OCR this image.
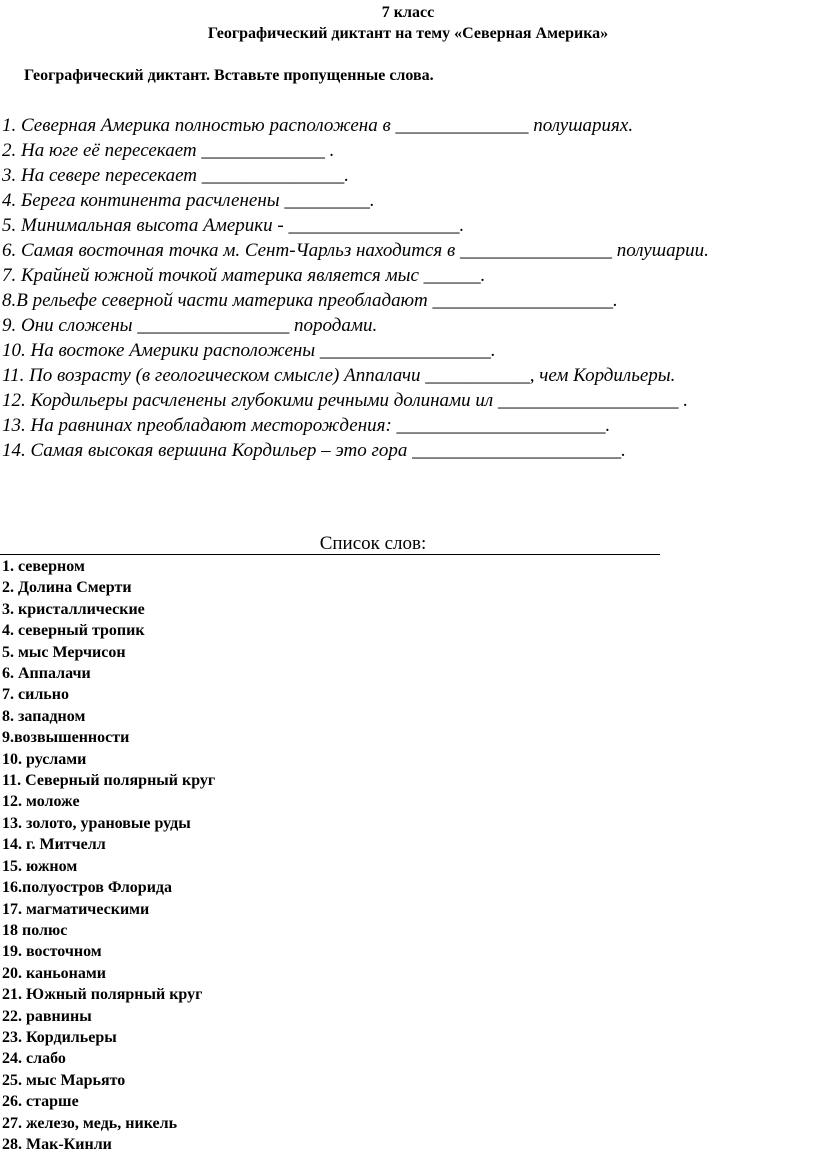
7 класс
Географический диктант на тему «Северная Америка»
Географический диктант. Вставьте пропущенные слова.
1. Северная Америка полностью расположена в ______________ полушариях.
2. На юге её пересекает _____________ .
3. На севере пересекает _______________.
4. Берега континента расчленены _________.
5. Минимальная высота Америки - __________________.
6. Самая восточная точка м. Сент-Чарльз находится в ________________ полушарии.
7. Крайней южной точкой материка является мыс ______.
8.В рельефе северной части материка преобладают ___________________.
9. Они сложены ________________ породами.
10. На востоке Америки расположены __________________.
11. По возрасту (в геологическом смысле) Аппалачи ___________, чем Кордильеры.
12. Кордильеры расчленены глубокими речными долинами ил ___________________ .
13. На равнинах преобладают месторождения: ______________________.
14. Самая высокая вершина Кордильер – это гора ______________________.
Список слов:
1. северном
2. Долина Смерти
3. кристаллические
4. северный тропик
5. мыс Мерчисон
6. Аппалачи
7. сильно
8. западном
9.возвышенности
10. руслами
11. Северный полярный круг
12. моложе
13. золото, урановые руды
14. г. Митчелл
15. южном
16.полуостров Флорида
17. магматическими
18 полюс
19. восточном
20. каньонами
21. Южный полярный круг
22. равнины
23. Кордильеры
24. слабо
25. мыс Марьято
26. старше
27. железо, медь, никель
28. Мак-Кинли
